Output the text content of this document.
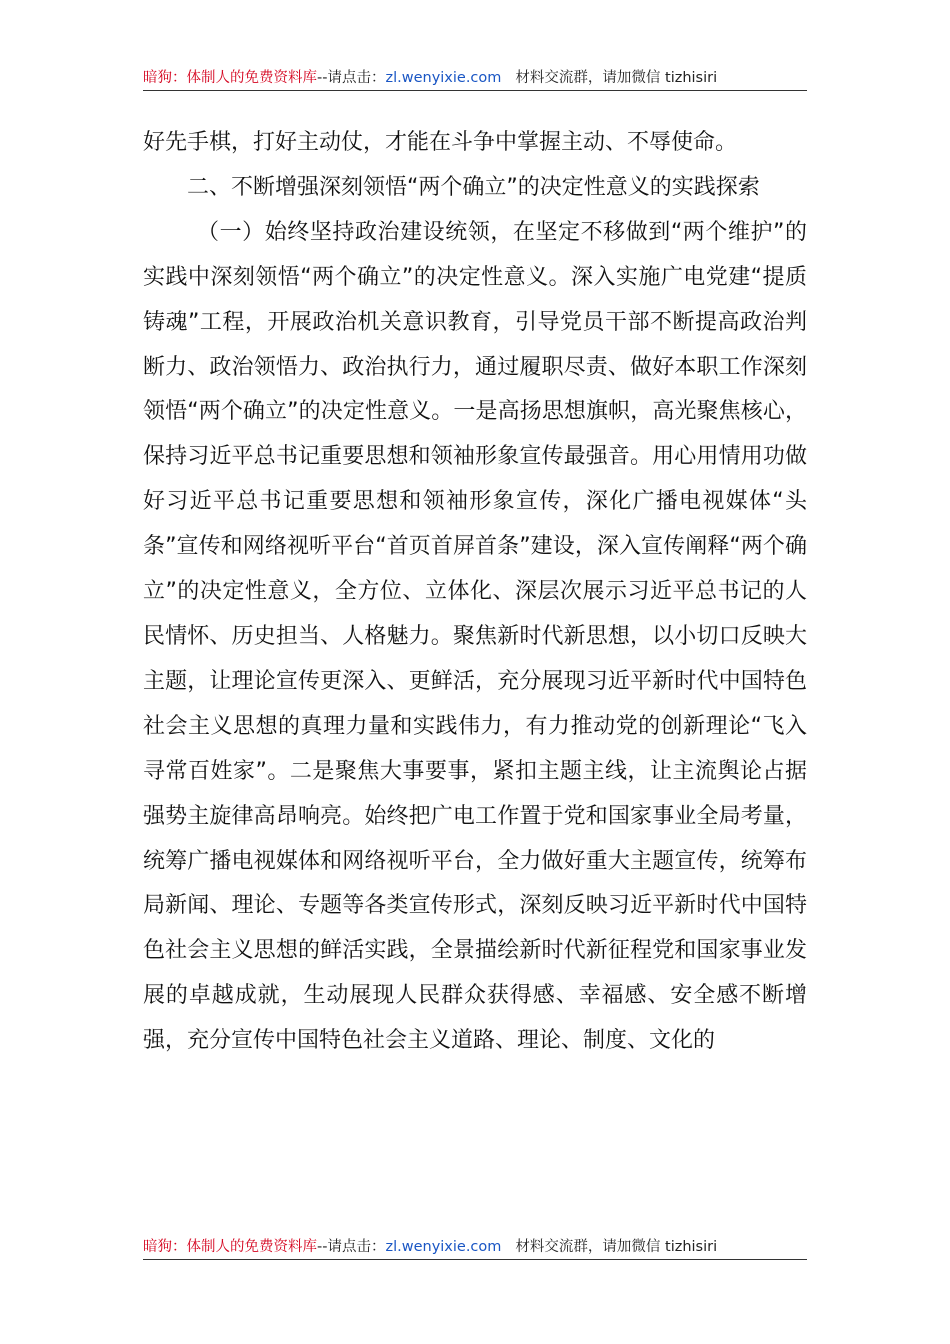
暗狗：体制人的免费资料库--请点击：zl.wenyixie.com 材料交流群，请加微信 tizhisiri

好先手棋，打好主动仗，才能在斗争中掌握主动、不辱使命。

二、不断增强深刻领悟“两个确立”的决定性意义的实践探索

（一）始终坚持政治建设统领，在坚定不移做到“两个维护”的实践中深刻领悟“两个确立”的决定性意义。深入实施广电党建“提质铸魂”工程，开展政治机关意识教育，引导党员干部不断提高政治判断力、政治领悟力、政治执行力，通过履职尽责、做好本职工作深刻领悟“两个确立”的决定性意义。一是高扬思想旗帜，高光聚焦核心，保持习近平总书记重要思想和领袖形象宣传最强音。用心用情用功做好习近平总书记重要思想和领袖形象宣传，深化广播电视媒体“头条”宣传和网络视听平台“首页首屏首条”建设，深入宣传阐释“两个确立”的决定性意义，全方位、立体化、深层次展示习近平总书记的人民情怀、历史担当、人格魅力。聚焦新时代新思想，以小切口反映大主题，让理论宣传更深入、更鲜活，充分展现习近平新时代中国特色社会主义思想的真理力量和实践伟力，有力推动党的创新理论“飞入寻常百姓家”。二是聚焦大事要事，紧扣主题主线，让主流舆论占据强势主旋律高昂响亮。始终把广电工作置于党和国家事业全局考量，统筹广播电视媒体和网络视听平台，全力做好重大主题宣传，统筹布局新闻、理论、专题等各类宣传形式，深刻反映习近平新时代中国特色社会主义思想的鲜活实践，全景描绘新时代新征程党和国家事业发展的卓越成就，生动展现人民群众获得感、幸福感、安全感不断增强，充分宣传中国特色社会主义道路、理论、制度、文化的

暗狗：体制人的免费资料库--请点击：zl.wenyixie.com 材料交流群，请加微信 tizhisiri
